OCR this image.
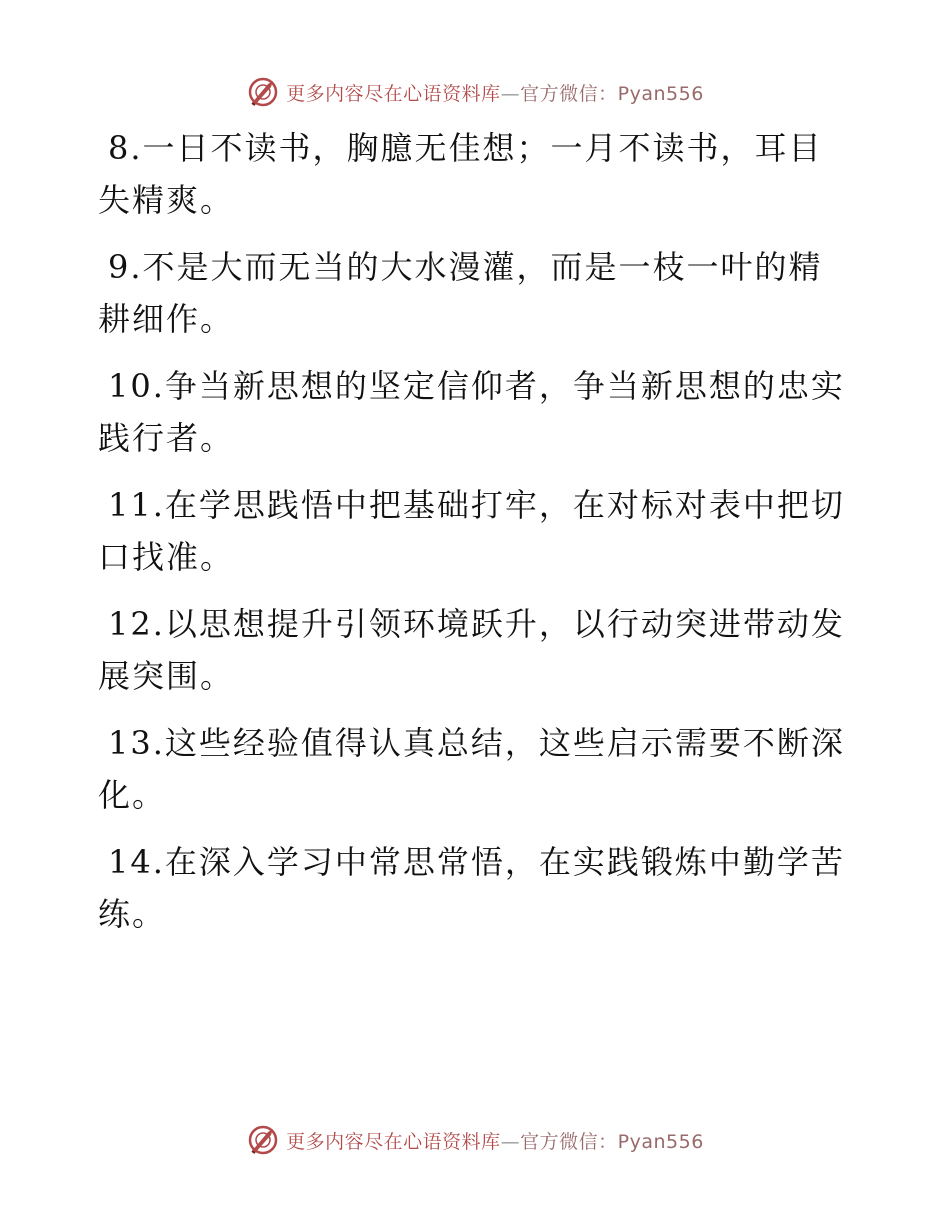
更多内容尽在心语资料库—官方微信：Pyan556
8.一日不读书，胸臆无佳想；一月不读书，耳目
失精爽。
9.不是大而无当的大水漫灌，而是一枝一叶的精
耕细作。
10.争当新思想的坚定信仰者，争当新思想的忠实
践行者。
11.在学思践悟中把基础打牢，在对标对表中把切
口找准。
12.以思想提升引领环境跃升，以行动突进带动发
展突围。
13.这些经验值得认真总结，这些启示需要不断深
化。
14.在深入学习中常思常悟，在实践锻炼中勤学苦
练。
更多内容尽在心语资料库—官方微信：Pyan556
